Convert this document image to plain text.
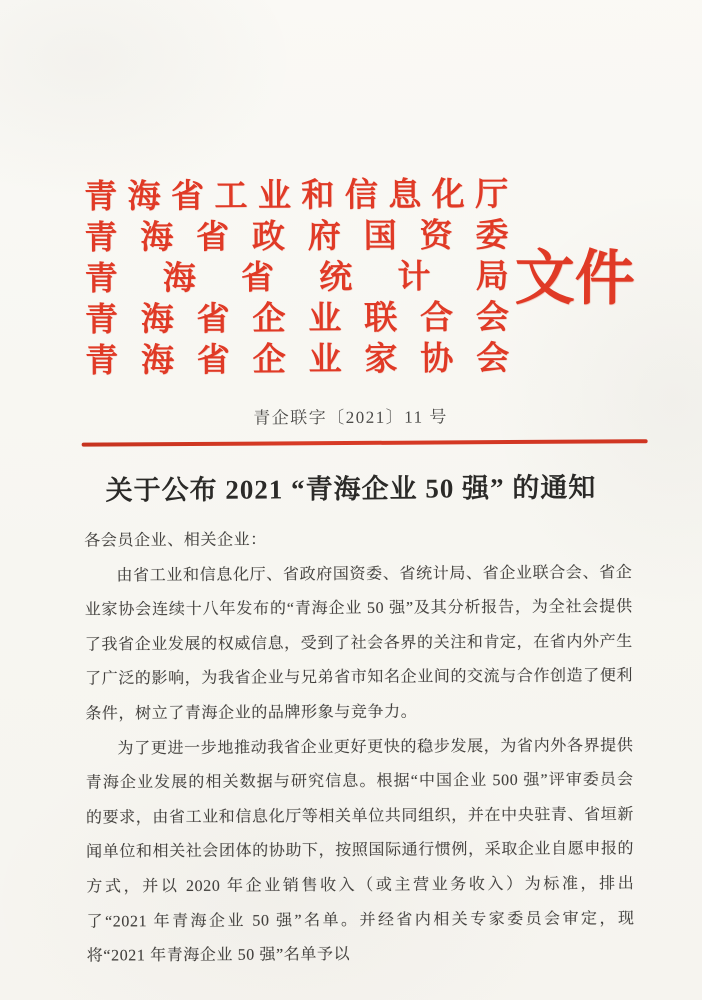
青海省工业和信息化厅
青海省政府国资委
青海省统计局
青海省企业联合会
青海省企业家协会
文件
青企联字〔2021〕11 号
关于公布 2021 “青海企业 50 强” 的通知

各会员企业、相关企业：

由省工业和信息化厅、省政府国资委、省统计局、省企业联合会、省企业家协会连续十八年发布的“青海企业 50 强”及其分析报告，为全社会提供了我省企业发展的权威信息，受到了社会各界的关注和肯定，在省内外产生了广泛的影响，为我省企业与兄弟省市知名企业间的交流与合作创造了便利条件，树立了青海企业的品牌形象与竞争力。

为了更进一步地推动我省企业更好更快的稳步发展，为省内外各界提供青海企业发展的相关数据与研究信息。根据“中国企业 500 强”评审委员会的要求，由省工业和信息化厅等相关单位共同组织，并在中央驻青、省垣新闻单位和相关社会团体的协助下，按照国际通行惯例，采取企业自愿申报的方式，并以 2020 年企业销售收入（或主营业务收入）为标准，排出了“2021 年青海企业 50 强”名单。并经省内相关专家委员会审定，现将“2021 年青海企业 50 强”名单予以
